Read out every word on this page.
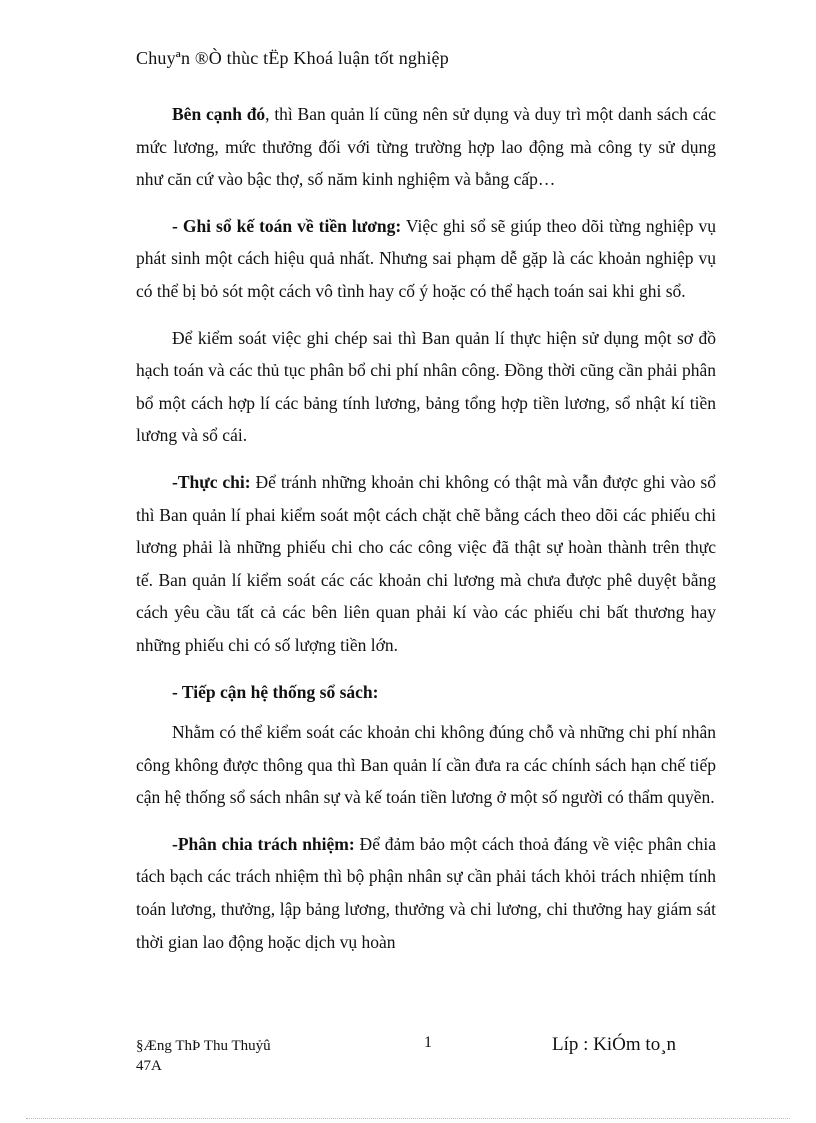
Chuyªn ®Ò thùc tËp Khoá luận tốt nghiệp

Bên cạnh đó, thì Ban quản lí cũng nên sử dụng và duy trì một danh sách các mức lương, mức thưởng đối với từng trường hợp lao động mà công ty sử dụng như căn cứ vào bậc thợ, số năm kinh nghiệm và bằng cấp…

- Ghi sổ kế toán về tiền lương: Việc ghi sổ sẽ giúp theo dõi từng nghiệp vụ phát sinh một cách hiệu quả nhất. Nhưng sai phạm dễ gặp là các khoản nghiệp vụ có thể bị bỏ sót một cách vô tình hay cố ý hoặc có thể hạch toán sai khi ghi sổ.

Để kiểm soát việc ghi chép sai thì Ban quản lí thực hiện sử dụng một sơ đồ hạch toán và các thủ tục phân bổ chi phí nhân công. Đồng thời cũng cần phải phân bổ một cách hợp lí các bảng tính lương, bảng tổng hợp tiền lương, sổ nhật kí tiền lương và sổ cái.

-Thực chi: Để tránh những khoản chi không có thật mà vẫn được ghi vào sổ thì Ban quản lí phai kiểm soát một cách chặt chẽ bằng cách theo dõi các phiếu chi lương phải là những phiếu chi cho các công việc đã thật sự hoàn thành trên thực tế. Ban quản lí kiểm soát các các khoản chi lương mà chưa được phê duyệt bằng cách yêu cầu tất cả các bên liên quan phải kí vào các phiếu chi bất thương hay những phiếu chi có số lượng tiền lớn.

- Tiếp cận hệ thống sổ sách:

Nhằm có thể kiểm soát các khoản chi không đúng chỗ và những chi phí nhân công không được thông qua thì Ban quản lí cần đưa ra các chính sách hạn chế tiếp cận hệ thống sổ sách nhân sự và kế toán tiền lương ở một số người có thẩm quyền.

-Phân chia trách nhiệm: Để đảm bảo một cách thoả đáng về việc phân chia tách bạch các trách nhiệm thì bộ phận nhân sự cần phải tách khỏi trách nhiệm tính toán lương, thưởng, lập bảng lương, thưởng và chi lương, chi thưởng hay giám sát thời gian lao động hoặc dịch vụ hoàn

§Æng ThÞ Thu Thuỷû
47A
1	Líp : KiÓm to¸n
